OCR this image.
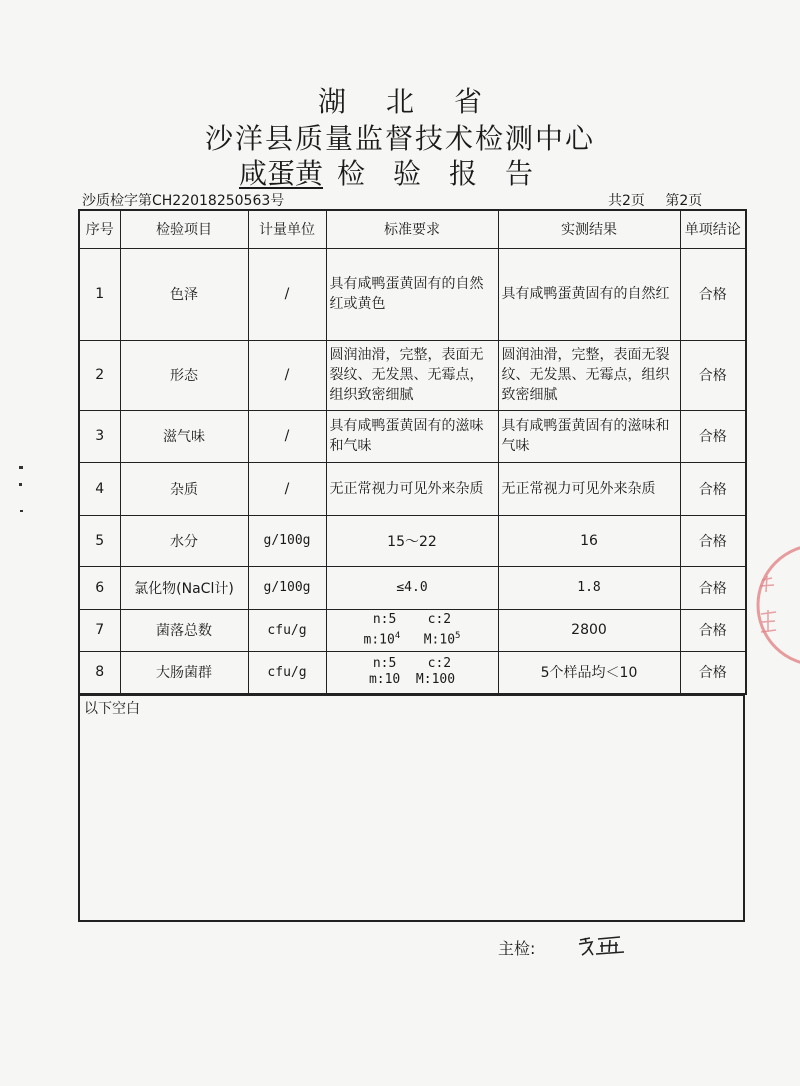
湖北省
沙洋县质量监督技术检测中心
咸蛋黄 检验报告
沙质检字第CH22018250563号	共2页 第2页
序号	检验项目	计量单位	标准要求	实测结果	单项结论
1	色泽	/	具有咸鸭蛋黄固有的自然红或黄色	具有咸鸭蛋黄固有的自然红	合格
2	形态	/	圆润油滑，完整，表面无裂纹、无发黑、无霉点，组织致密细腻	圆润油滑，完整，表面无裂纹、无发黑、无霉点，组织致密细腻	合格
3	滋气味	/	具有咸鸭蛋黄固有的滋味和气味	具有咸鸭蛋黄固有的滋味和气味	合格
4	杂质	/	无正常视力可见外来杂质	无正常视力可见外来杂质	合格
5	水分	g/100g	15～22	16	合格
6	氯化物(NaCl计)	g/100g	≤4.0	1.8	合格
7	菌落总数	cfu/g	n:5    c:2
$m:10^4$ $M:10^5$	2800	合格
8	大肠菌群	cfu/g	n:5    c:2
m:10  M:100	5个样品均＜10	合格
以下空白
主检:
